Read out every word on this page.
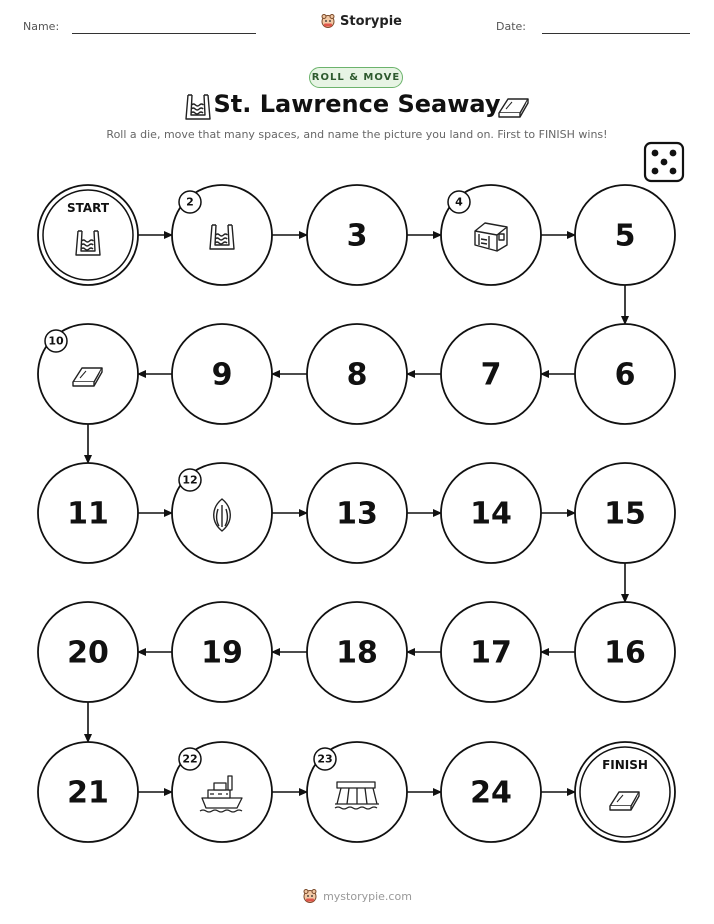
Name:	Storypie	Date:
ROLL & MOVE
St. Lawrence Seaway
Roll a die, move that many spaces, and name the picture you land on. First to FINISH wins!
START	2
3
4
5
6
7
8
9
10
11
12
13	14	15
16
17
18
19
20
21
22	23
24
FINISH
mystorypie.com
